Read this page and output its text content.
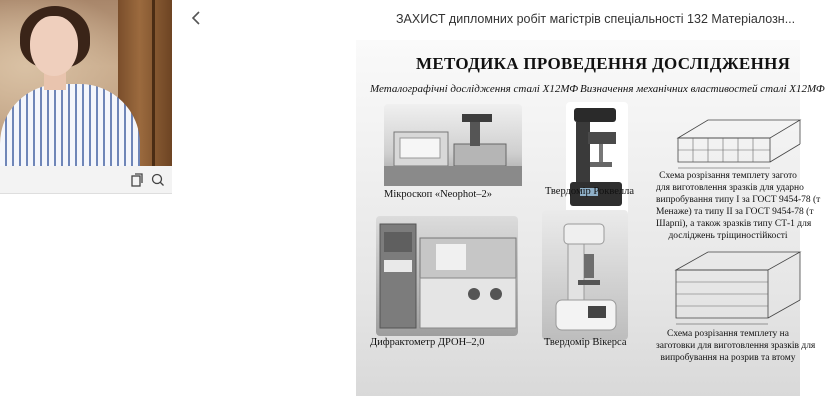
ЗАХИСТ дипломних робіт магістрів спеціальності 132 Матеріалозн...
МЕТОДИКА ПРОВЕДЕННЯ ДОСЛІДЖЕННЯ
Металографічні дослідження сталі Х12МФ Визначення механічних властивостей сталі Х12МФ
Мікроскоп «Neophot–2»	Твердомір Роквелла
Схема розрізання темплету загото
для виготовлення зразків для ударно
випробування типу І за ГОСТ 9454-78 (т
Менаже) та типу ІІ за ГОСТ 9454-78 (т
Шарпі), а також зразків типу СТ-1 для
досліджень тріщиностійкості
Дифрактометр ДРОН–2,0	Твердомір Вікерса
Схема розрізання темплету на
заготовки для виготовлення зразків для
випробування на розрив та втому
